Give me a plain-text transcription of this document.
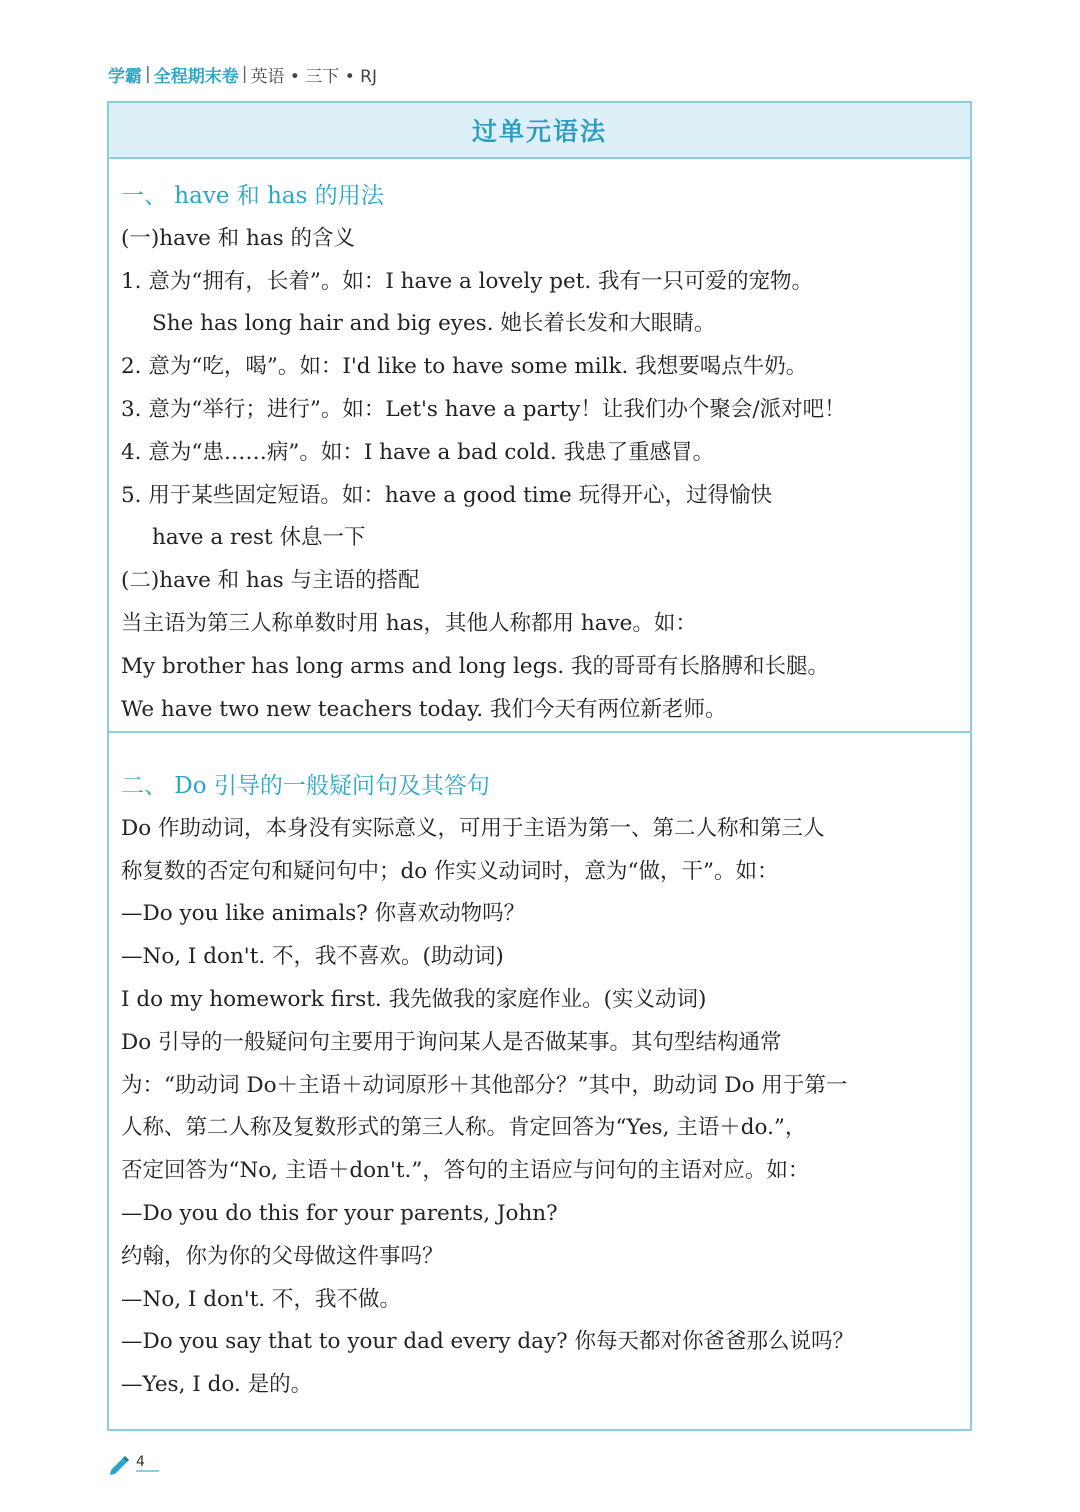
学霸 | 全程期末卷 | 英语 • 三下 • RJ
过单元语法
一、 have 和 has 的用法
(一)have 和 has 的含义
1. 意为“拥有，长着”。如：I have a lovely pet. 我有一只可爱的宠物。
She has long hair and big eyes. 她长着长发和大眼睛。
2. 意为“吃，喝”。如：I'd like to have some milk. 我想要喝点牛奶。
3. 意为“举行；进行”。如：Let's have a party！让我们办个聚会/派对吧！
4. 意为“患……病”。如：I have a bad cold. 我患了重感冒。
5. 用于某些固定短语。如：have a good time 玩得开心，过得愉快
have a rest 休息一下
(二)have 和 has 与主语的搭配
当主语为第三人称单数时用 has，其他人称都用 have。如：
My brother has long arms and long legs. 我的哥哥有长胳膊和长腿。
We have two new teachers today. 我们今天有两位新老师。
二、 Do 引导的一般疑问句及其答句
Do 作助动词，本身没有实际意义，可用于主语为第一、第二人称和第三人
称复数的否定句和疑问句中；do 作实义动词时，意为“做，干”。如：
—Do you like animals? 你喜欢动物吗？
—No, I don't. 不，我不喜欢。(助动词)
I do my homework first. 我先做我的家庭作业。(实义动词)
Do 引导的一般疑问句主要用于询问某人是否做某事。其句型结构通常
为：“助动词 Do＋主语＋动词原形＋其他部分？”其中，助动词 Do 用于第一
人称、第二人称及复数形式的第三人称。肯定回答为“Yes, 主语＋do.”，
否定回答为“No, 主语＋don't.”，答句的主语应与问句的主语对应。如：
—Do you do this for your parents, John?
约翰，你为你的父母做这件事吗？
—No, I don't. 不，我不做。
—Do you say that to your dad every day? 你每天都对你爸爸那么说吗？
—Yes, I do. 是的。
4
